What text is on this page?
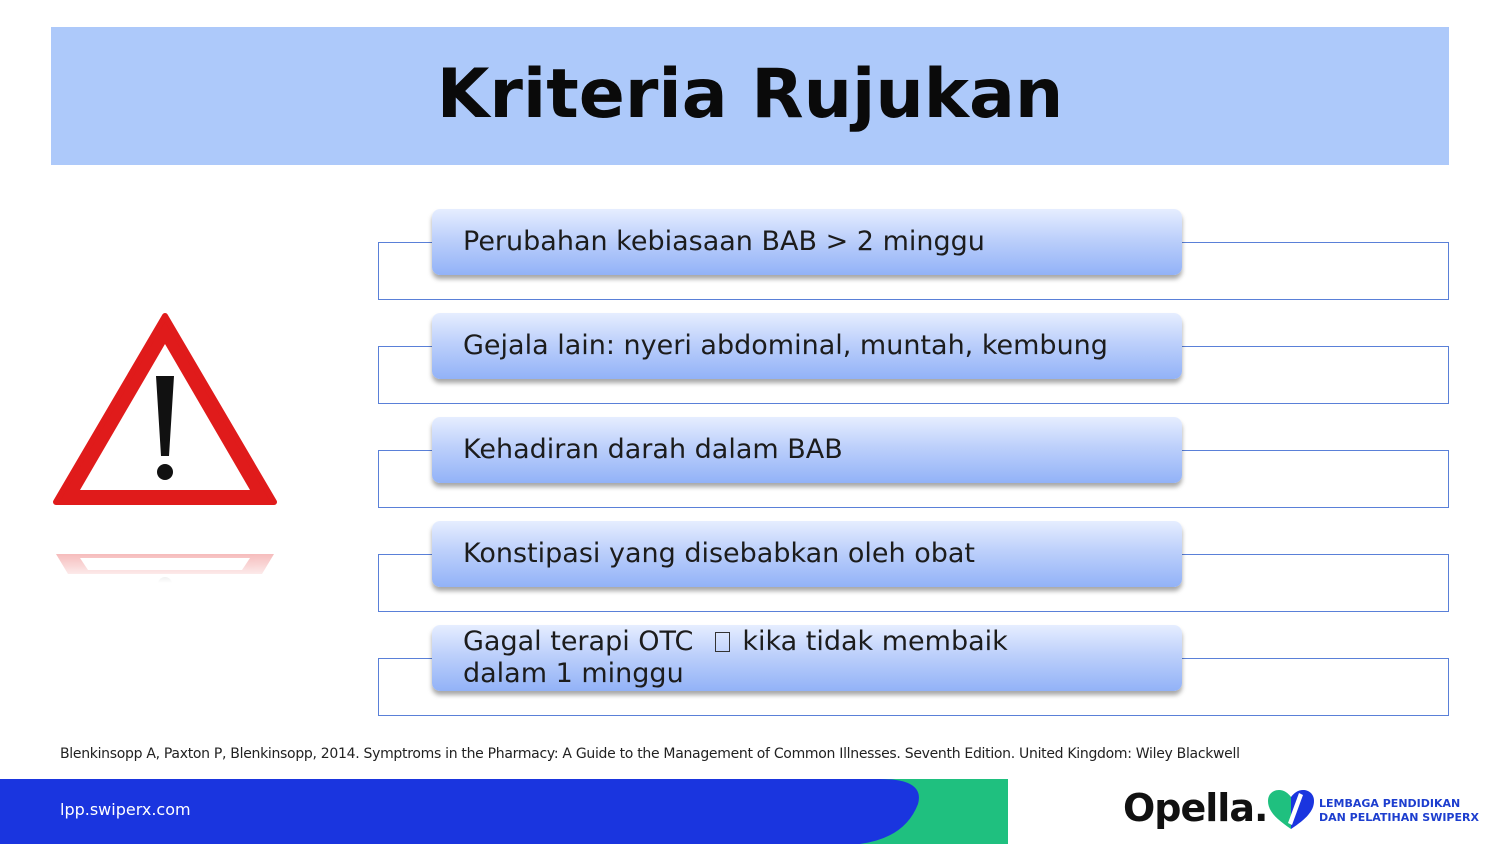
Kriteria Rujukan
Perubahan kebiasaan BAB > 2 minggu
Gejala lain: nyeri abdominal, muntah, kembung
Kehadiran darah dalam BAB
Konstipasi yang disebabkan oleh obat
Gagal terapi OTC kika tidak membaik
dalam 1 minggu
Blenkinsopp A, Paxton P, Blenkinsopp, 2014. Symptroms in the Pharmacy: A Guide to the Management of Common Illnesses. Seventh Edition. United Kingdom: Wiley Blackwell
lpp.swiperx.com	Opella.	LEMBAGA PENDIDIKAN
DAN PELATIHAN SWIPERX
